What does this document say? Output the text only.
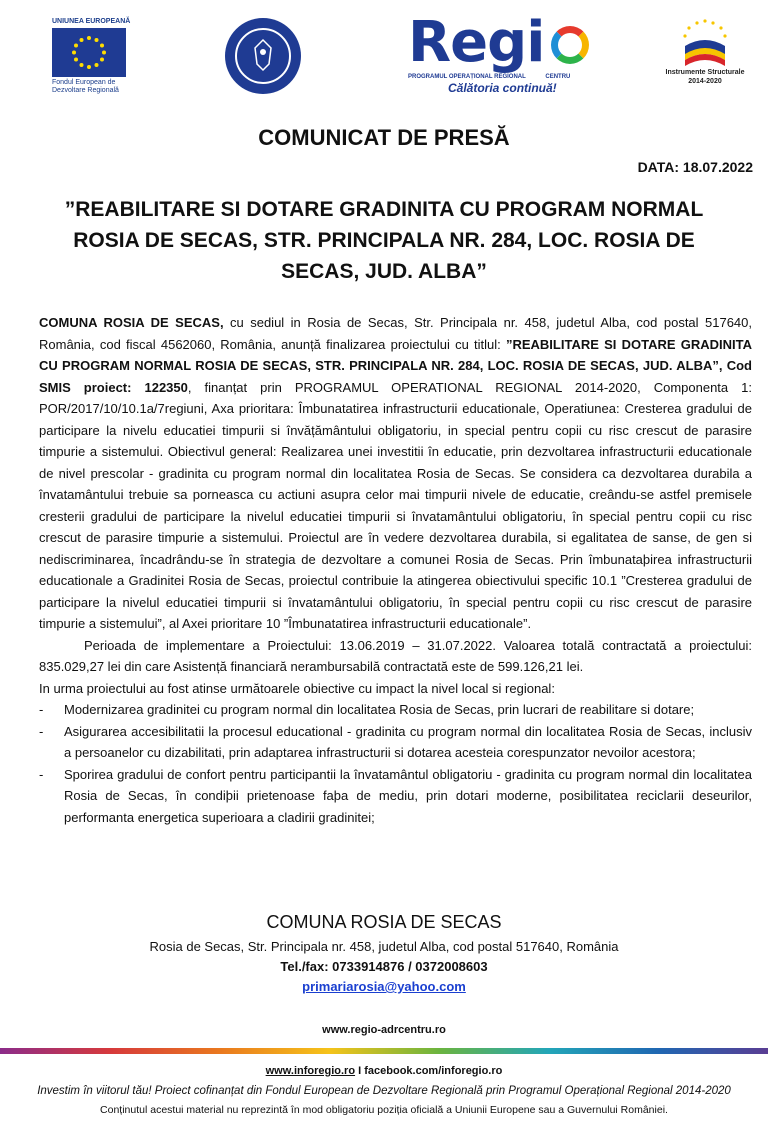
UNIUNEA EUROPEANĂ
Fondul European de Dezvoltare Regională
Regi
PROGRAMUL OPERAȚIONAL REGIONAL	CENTRU
Călătoria continuă!
Instrumente Structurale
2014-2020
COMUNICAT DE PRESĂ
DATA: 18.07.2022
”REABILITARE SI DOTARE GRADINITA CU PROGRAM NORMAL ROSIA DE SECAS, STR. PRINCIPALA NR. 284, LOC. ROSIA DE SECAS, JUD. ALBA”

COMUNA ROSIA DE SECAS, cu sediul in Rosia de Secas, Str. Principala nr. 458, judetul Alba, cod postal 517640, România, cod fiscal 4562060, România, anunță finalizarea proiectului cu titlul: ”REABILITARE SI DOTARE GRADINITA CU PROGRAM NORMAL ROSIA DE SECAS, STR. PRINCIPALA NR. 284, LOC. ROSIA DE SECAS, JUD. ALBA”, Cod SMIS proiect: 122350, finanțat prin PROGRAMUL OPERATIONAL REGIONAL 2014-2020, Componenta 1: POR/2017/10/10.1a/7regiuni, Axa prioritara: Îmbunatatirea infrastructurii educationale, Operatiunea: Cresterea gradului de participare la nivelu educatiei timpurii si învățământului obligatoriu, in special pentru copii cu risc crescut de parasire timpurie a sistemului. Obiectivul general: Realizarea unei investitii în educatie, prin dezvoltarea infrastructurii educationale de nivel prescolar - gradinita cu program normal din localitatea Rosia de Secas. Se considera ca dezvoltarea durabila a învatamântului trebuie sa porneasca cu actiuni asupra celor mai timpurii nivele de educatie, creându-se astfel premisele cresterii gradului de participare la nivelul educatiei timpurii si învatamântului obligatoriu, în special pentru copii cu risc crescut de parasire timpurie a sistemului. Proiectul are în vedere dezvoltarea durabila, si egalitatea de sanse, de gen si nediscriminarea, încadrându-se în strategia de dezvoltare a comunei Rosia de Secas. Prin îmbunataþirea infrastructurii educationale a Gradinitei Rosia de Secas, proiectul contribuie la atingerea obiectivului specific 10.1 ”Cresterea gradului de participare la nivelul educatiei timpurii si învatamântului obligatoriu, în special pentru copii cu risc crescut de parasire timpurie a sistemului”, al Axei prioritare 10 ”Îmbunatatirea infrastructurii educationale”.

Perioada de implementare a Proiectului: 13.06.2019 – 31.07.2022. Valoarea totală contractată a proiectului: 835.029,27 lei din care Asistență financiară nerambursabilă contractată este de 599.126,21 lei.

In urma proiectului au fost atinse următoarele obiective cu impact la nivel local si regional:

- Modernizarea gradinitei cu program normal din localitatea Rosia de Secas, prin lucrari de reabilitare si dotare;
- Asigurarea accesibilitatii la procesul educational - gradinita cu program normal din localitatea Rosia de Secas, inclusiv a persoanelor cu dizabilitati, prin adaptarea infrastructurii si dotarea acesteia corespunzator nevoilor acestora;
- Sporirea gradului de confort pentru participantii la învatamântul obligatoriu - gradinita cu program normal din localitatea Rosia de Secas, în condiþii prietenoase faþa de mediu, prin dotari moderne, posibilitatea reciclarii deseurilor, performanta energetica superioara a cladirii gradinitei;
COMUNA ROSIA DE SECAS
Rosia de Secas, Str. Principala nr. 458, judetul Alba, cod postal 517640, România
Tel./fax: 0733914876 / 0372008603
primariarosia@yahoo.com
www.regio-adrcentru.ro
www.inforegio.ro I facebook.com/inforegio.ro
Investim în viitorul tău! Proiect cofinanțat din Fondul European de Dezvoltare Regională prin Programul Operațional Regional 2014-2020
Conținutul acestui material nu reprezintă în mod obligatoriu poziția oficială a Uniunii Europene sau a Guvernului României.
